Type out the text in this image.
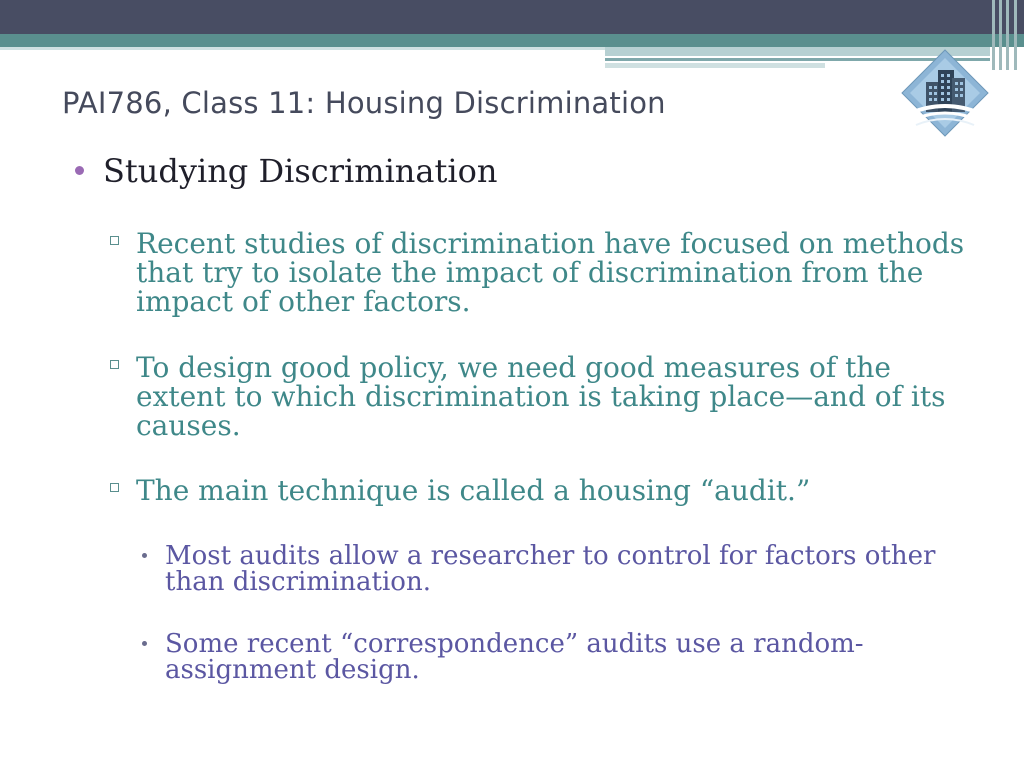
PAI786, Class 11: Housing Discrimination
Studying Discrimination
Recent studies of discrimination have focused on methods that try to isolate the impact of discrimination from the impact of other factors.
To design good policy, we need good measures of the extent to which discrimination is taking place—and of its causes.
The main technique is called a housing “audit.”
Most audits allow a researcher to control for factors other than discrimination.
Some recent “correspondence” audits use a random-assignment design.
